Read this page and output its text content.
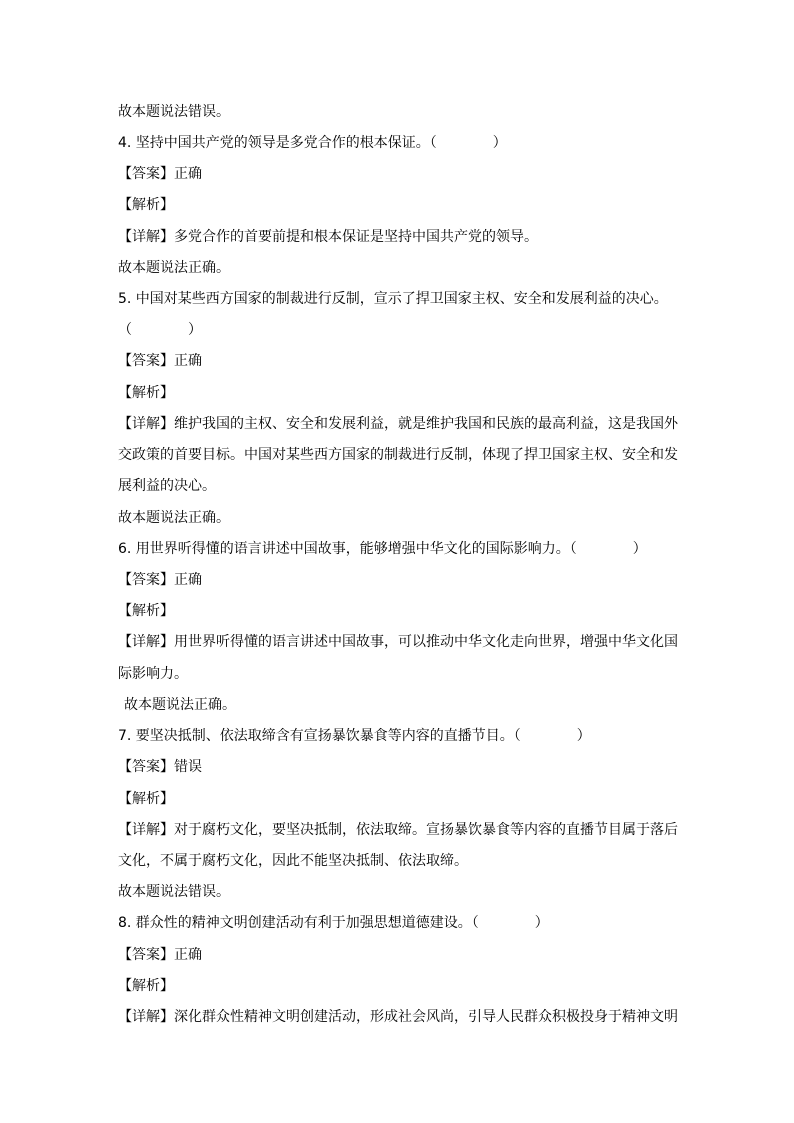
故本题说法错误。
4. 坚持中国共产党的领导是多党合作的根本保证。（　　　　）
【答案】正确
【解析】
【详解】多党合作的首要前提和根本保证是坚持中国共产党的领导。
故本题说法正确。
5. 中国对某些西方国家的制裁进行反制，宣示了捍卫国家主权、安全和发展利益的决心。
（　　　　）
【答案】正确
【解析】
【详解】维护我国的主权、安全和发展利益，就是维护我国和民族的最高利益，这是我国外
交政策的首要目标。中国对某些西方国家的制裁进行反制，体现了捍卫国家主权、安全和发
展利益的决心。
故本题说法正确。
6. 用世界听得懂的语言讲述中国故事，能够增强中华文化的国际影响力。（　　　　）
【答案】正确
【解析】
【详解】用世界听得懂的语言讲述中国故事，可以推动中华文化走向世界，增强中华文化国
际影响力。
故本题说法正确。
7. 要坚决抵制、依法取缔含有宣扬暴饮暴食等内容的直播节目。（　　　　）
【答案】错误
【解析】
【详解】对于腐朽文化，要坚决抵制，依法取缔。宣扬暴饮暴食等内容的直播节目属于落后
文化，不属于腐朽文化，因此不能坚决抵制、依法取缔。
故本题说法错误。
8. 群众性的精神文明创建活动有利于加强思想道德建设。（　　　　）
【答案】正确
【解析】
【详解】深化群众性精神文明创建活动，形成社会风尚，引导人民群众积极投身于精神文明
